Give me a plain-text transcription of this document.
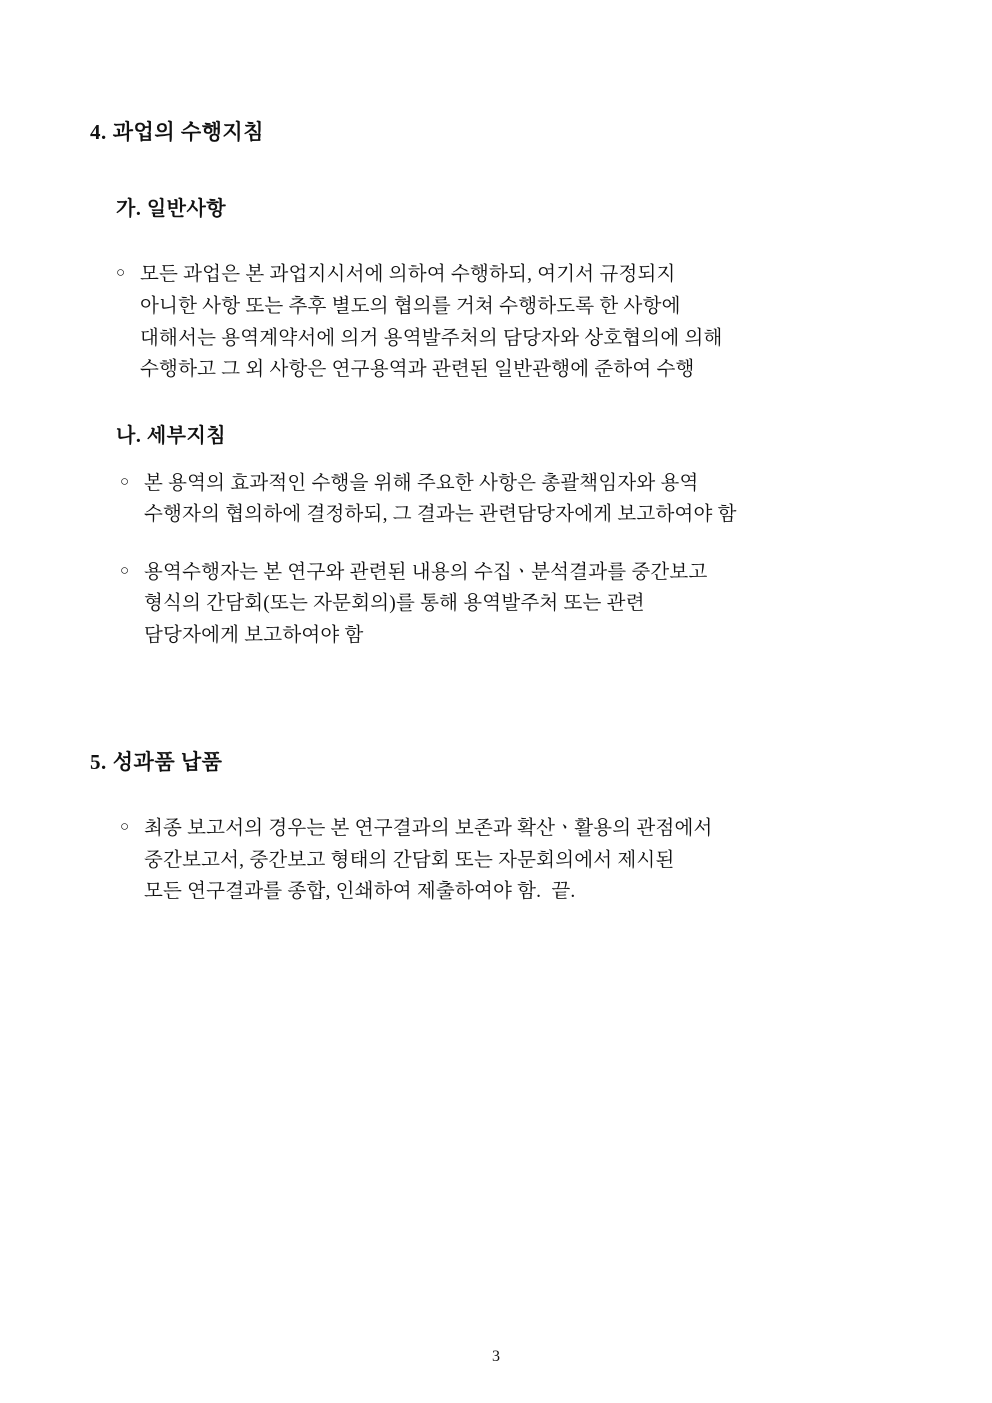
4. 과업의 수행지침
가. 일반사항
○ 모든 과업은 본 과업지시서에 의하여 수행하되, 여기서 규정되지
아니한 사항 또는 추후 별도의 협의를 거쳐 수행하도록 한 사항에
대해서는 용역계약서에 의거 용역발주처의 담당자와 상호협의에 의해
수행하고 그 외 사항은 연구용역과 관련된 일반관행에 준하여 수행
나. 세부지침
○ 본 용역의 효과적인 수행을 위해 주요한 사항은 총괄책임자와 용역
수행자의 협의하에 결정하되, 그 결과는 관련담당자에게 보고하여야 함
○ 용역수행자는 본 연구와 관련된 내용의 수집ㆍ분석결과를 중간보고
형식의 간담회(또는 자문회의)를 통해 용역발주처 또는 관련
담당자에게 보고하여야 함
5. 성과품 납품
○ 최종 보고서의 경우는 본 연구결과의 보존과 확산ㆍ활용의 관점에서
중간보고서, 중간보고 형태의 간담회 또는 자문회의에서 제시된
모든 연구결과를 종합, 인쇄하여 제출하여야 함.  끝.
3
